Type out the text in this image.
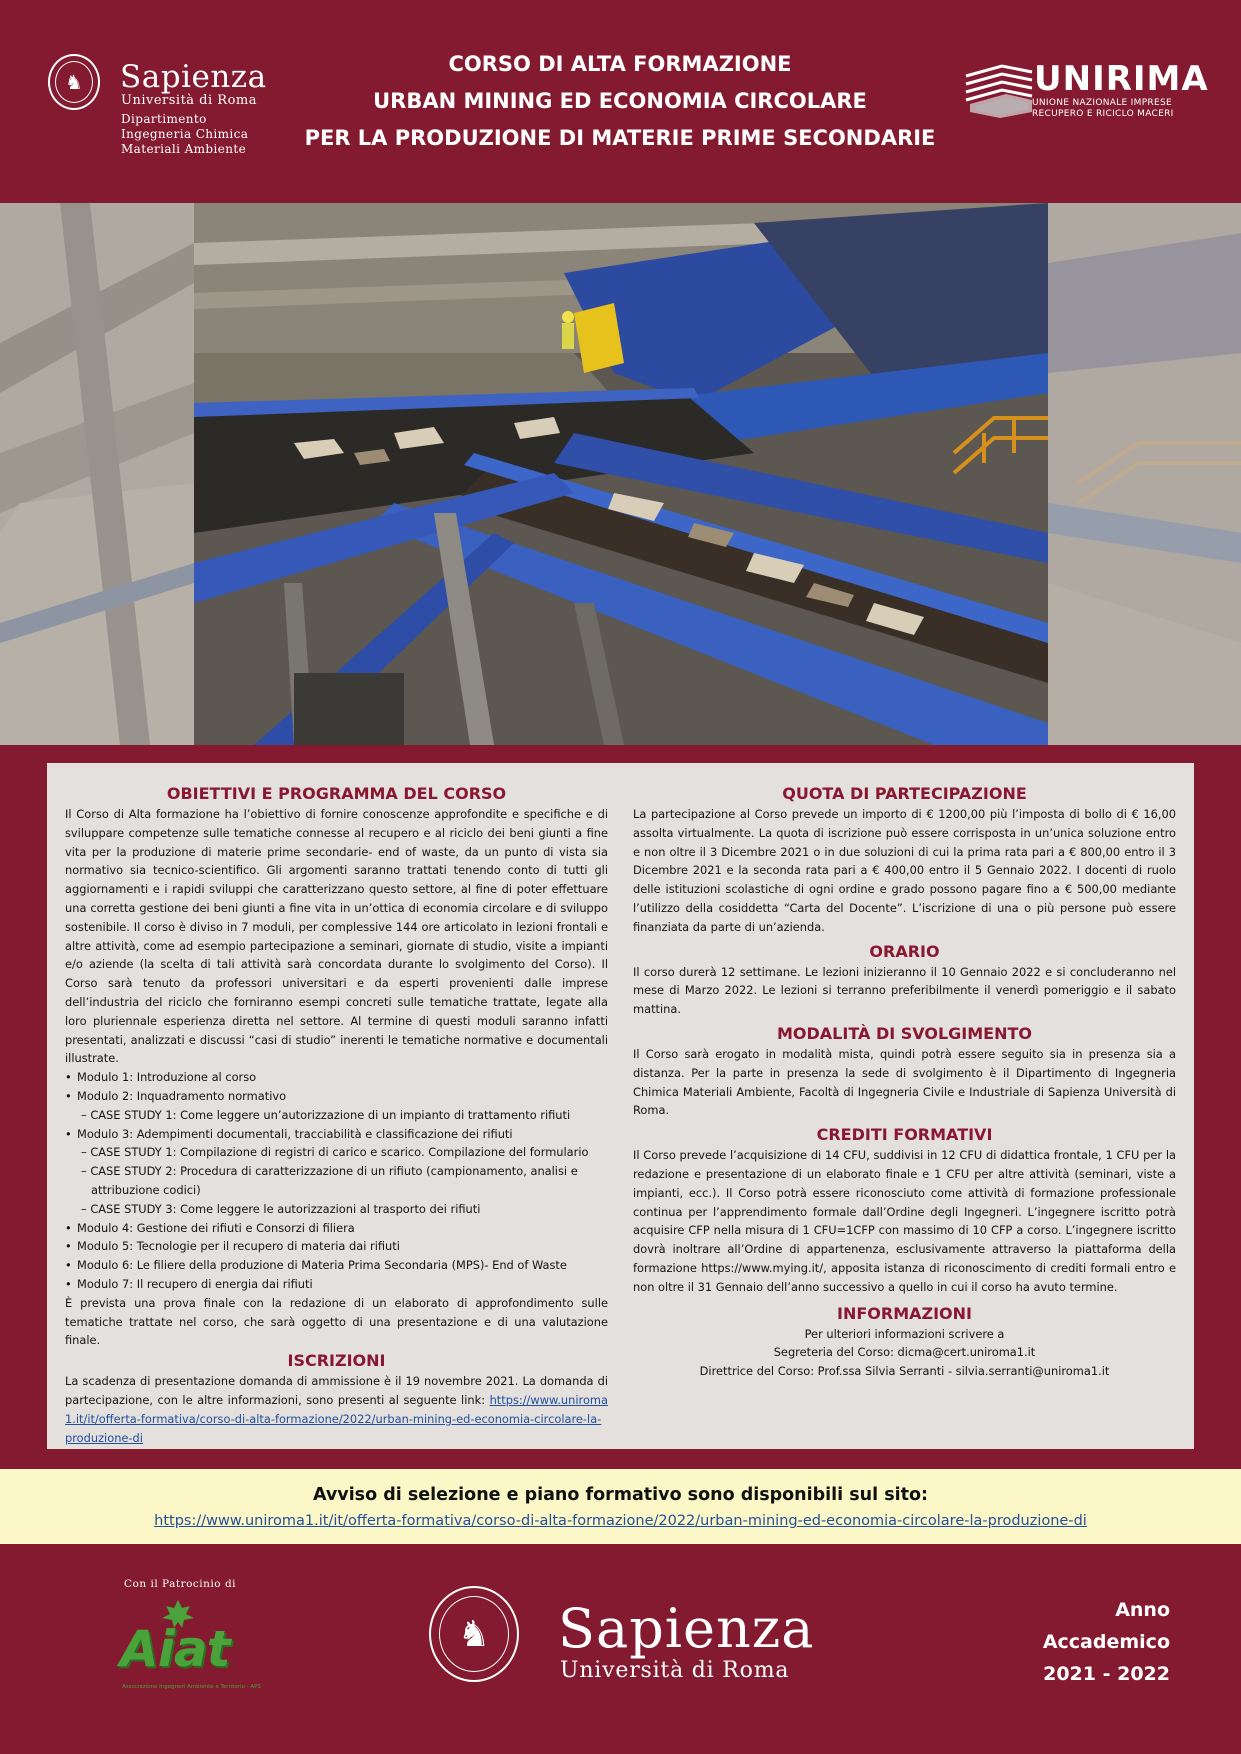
♞	Sapienza
Università di Roma
Dipartimento
Ingegneria Chimica
Materiali Ambiente
CORSO DI ALTA FORMAZIONE
URBAN MINING ED ECONOMIA CIRCOLARE
PER LA PRODUZIONE DI MATERIE PRIME SECONDARIE
UNIRIMA
UNIONE NAZIONALE IMPRESE
RECUPERO E RICICLO MACERI
OBIETTIVI E PROGRAMMA DEL CORSO

Il Corso di Alta formazione ha l’obiettivo di fornire conoscenze approfondite e specifiche e di sviluppare competenze sulle tematiche connesse al recupero e al riciclo dei beni giunti a fine vita per la produzione di materie prime secondarie- end of waste, da un punto di vista sia normativo sia tecnico-scientifico. Gli argomenti saranno trattati tenendo conto di tutti gli aggiornamenti e i rapidi sviluppi che caratterizzano questo settore, al fine di poter effettuare una corretta gestione dei beni giunti a fine vita in un’ottica di economia circolare e di sviluppo sostenibile. Il corso è diviso in 7 moduli, per complessive 144 ore articolato in lezioni frontali e altre attività, come ad esempio partecipazione a seminari, giornate di studio, visite a impianti e/o aziende (la scelta di tali attività sarà concordata durante lo svolgimento del Corso). Il Corso sarà tenuto da professori universitari e da esperti provenienti dalle imprese dell’industria del riciclo che forniranno esempi concreti sulle tematiche trattate, legate alla loro pluriennale esperienza diretta nel settore. Al termine di questi moduli saranno infatti presentati, analizzati e discussi “casi di studio” inerenti le tematiche normative e documentali illustrate.

• Modulo 1: Introduzione al corso
• Modulo 2: Inquadramento normativo
– CASE STUDY 1: Come leggere un’autorizzazione di un impianto di trattamento rifiuti
• Modulo 3: Adempimenti documentali, tracciabilità e classificazione dei rifiuti
– CASE STUDY 1: Compilazione di registri di carico e scarico. Compilazione del formulario
– CASE STUDY 2: Procedura di caratterizzazione di un rifiuto (campionamento, analisi e attribuzione codici)
– CASE STUDY 3: Come leggere le autorizzazioni al trasporto dei rifiuti
• Modulo 4: Gestione dei rifiuti e Consorzi di filiera
• Modulo 5: Tecnologie per il recupero di materia dai rifiuti
• Modulo 6: Le filiere della produzione di Materia Prima Secondaria (MPS)- End of Waste
• Modulo 7: Il recupero di energia dai rifiuti

È prevista una prova finale con la redazione di un elaborato di approfondimento sulle tematiche trattate nel corso, che sarà oggetto di una presentazione e di una valutazione finale.

ISCRIZIONI

La scadenza di presentazione domanda di ammissione è il 19 novembre 2021. La domanda di partecipazione, con le altre informazioni, sono presenti al seguente link: https://www.uniroma1.it/it/offerta-formativa/corso-di-alta-formazione/2022/urban-mining-ed-economia-circolare-la-produzione-di

QUOTA DI PARTECIPAZIONE

La partecipazione al Corso prevede un importo di € 1200,00 più l’imposta di bollo di € 16,00 assolta virtualmente. La quota di iscrizione può essere corrisposta in un’unica soluzione entro e non oltre il 3 Dicembre 2021 o in due soluzioni di cui la prima rata pari a € 800,00 entro il 3 Dicembre 2021 e la seconda rata pari a € 400,00 entro il 5 Gennaio 2022. I docenti di ruolo delle istituzioni scolastiche di ogni ordine e grado possono pagare fino a € 500,00 mediante l’utilizzo della cosiddetta “Carta del Docente”. L’iscrizione di una o più persone può essere finanziata da parte di un’azienda.

ORARIO

Il corso durerà 12 settimane. Le lezioni inizieranno il 10 Gennaio 2022 e si concluderanno nel mese di Marzo 2022. Le lezioni si terranno preferibilmente il venerdì pomeriggio e il sabato mattina.

MODALITÀ DI SVOLGIMENTO

Il Corso sarà erogato in modalità mista, quindi potrà essere seguito sia in presenza sia a distanza. Per la parte in presenza la sede di svolgimento è il Dipartimento di Ingegneria Chimica Materiali Ambiente, Facoltà di Ingegneria Civile e Industriale di Sapienza Università di Roma.

CREDITI FORMATIVI

Il Corso prevede l’acquisizione di 14 CFU, suddivisi in 12 CFU di didattica frontale, 1 CFU per la redazione e presentazione di un elaborato finale e 1 CFU per altre attività (seminari, viste a impianti, ecc.). Il Corso potrà essere riconosciuto come attività di formazione professionale continua per l’apprendimento formale dall’Ordine degli Ingegneri. L’ingegnere iscritto potrà acquisire CFP nella misura di 1 CFU=1CFP con massimo di 10 CFP a corso. L’ingegnere iscritto dovrà inoltrare all’Ordine di appartenenza, esclusivamente attraverso la piattaforma della formazione https://www.mying.it/, apposita istanza di riconoscimento di crediti formali entro e non oltre il 31 Gennaio dell’anno successivo a quello in cui il corso ha avuto termine.

INFORMAZIONI
Per ulteriori informazioni scrivere a
Segreteria del Corso: dicma@cert.uniroma1.it
Direttrice del Corso: Prof.ssa Silvia Serranti - silvia.serranti@uniroma1.it
Avviso di selezione e piano formativo sono disponibili sul sito:
https://www.uniroma1.it/it/offerta-formativa/corso-di-alta-formazione/2022/urban-mining-ed-economia-circolare-la-produzione-di
Con il Patrocinio di
Aiat
Associazione Ingegneri Ambiente e Territorio - APS
♞	Sapienza
Università di Roma
Anno
Accademico
2021 - 2022
